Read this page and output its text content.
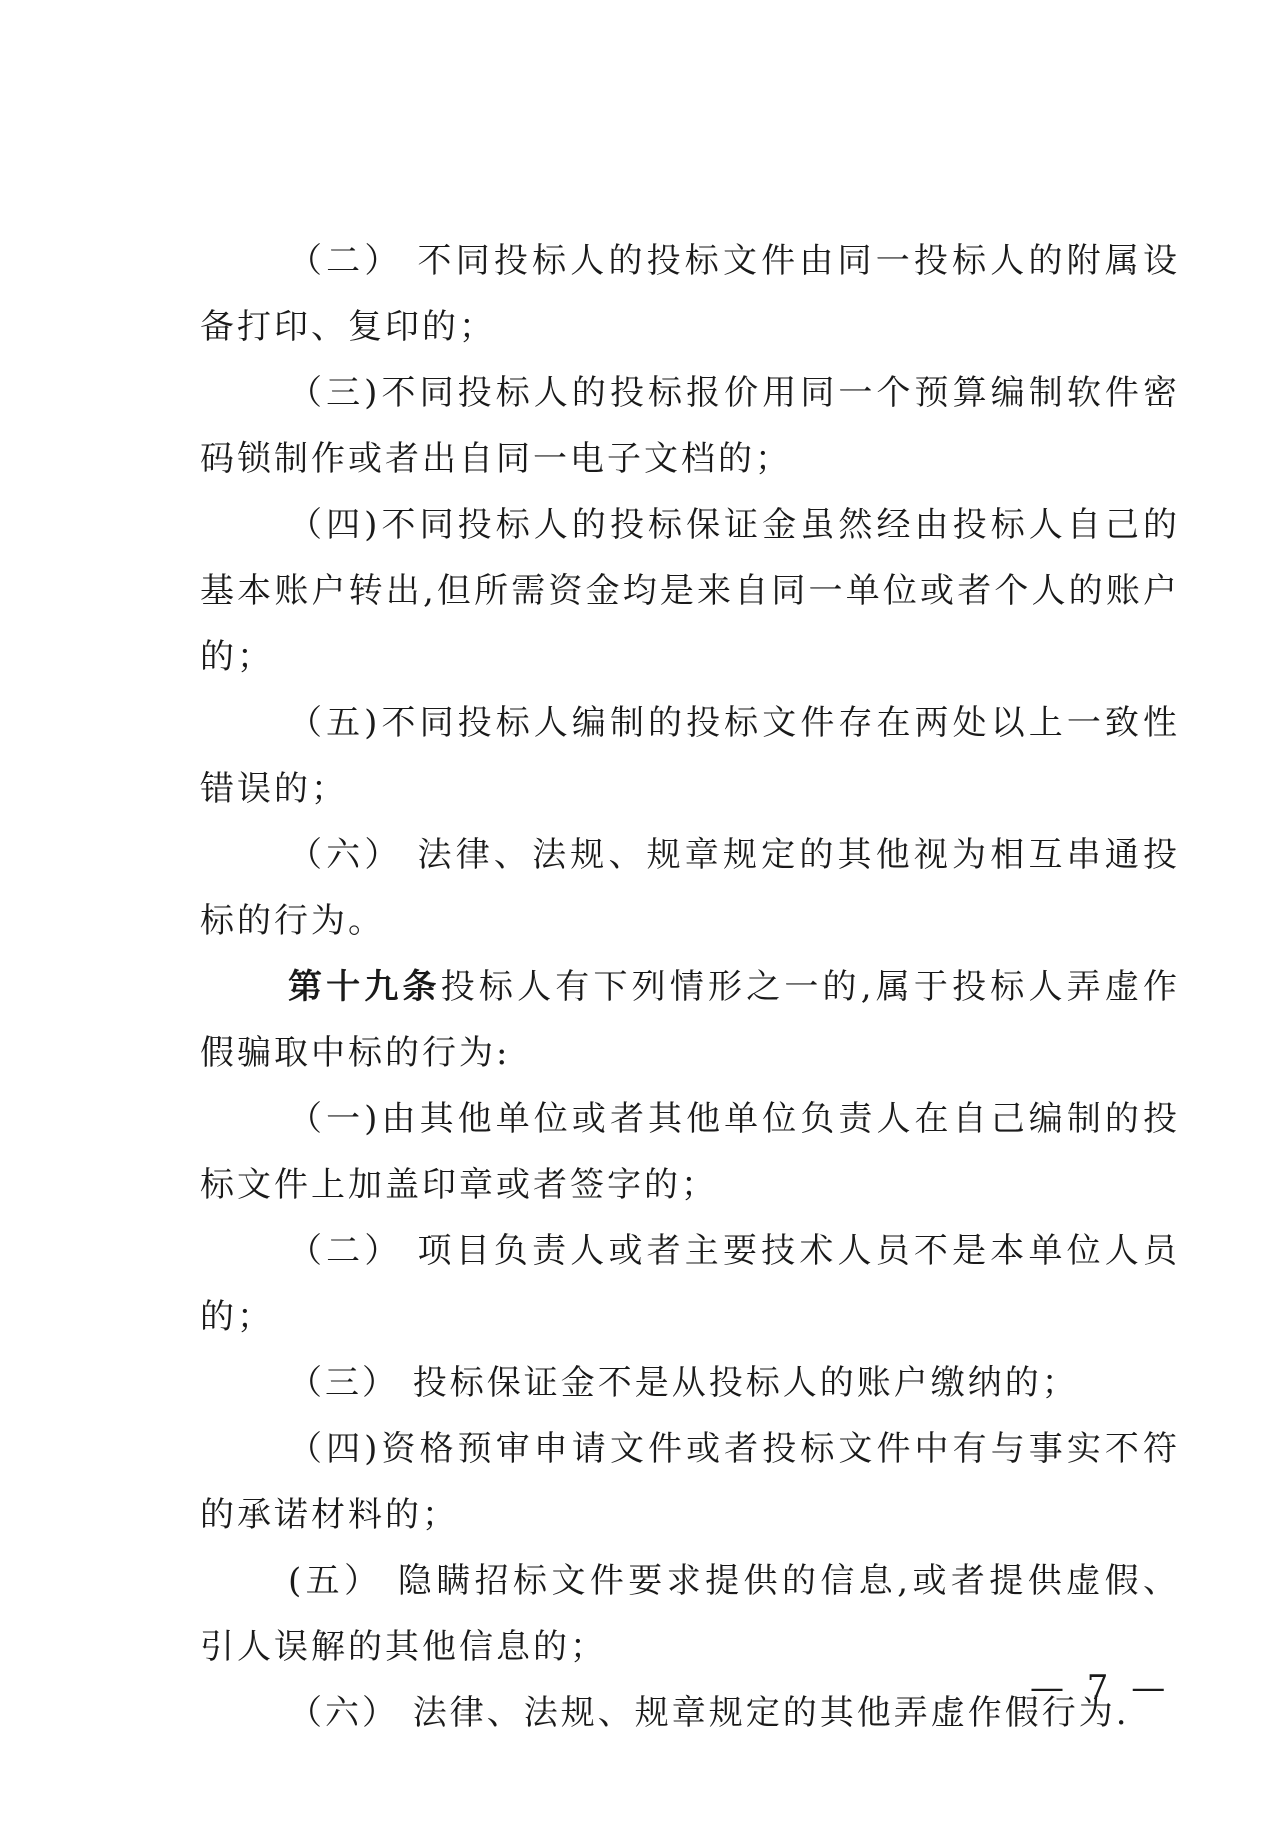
（二） 不同投标人的投标文件由同一投标人的附属设备打印、复印的；

（三)不同投标人的投标报价用同一个预算编制软件密码锁制作或者出自同一电子文档的；

（四)不同投标人的投标保证金虽然经由投标人自己的基本账户转出,但所需资金均是来自同一单位或者个人的账户的；

（五)不同投标人编制的投标文件存在两处以上一致性错误的；

（六） 法律、法规、规章规定的其他视为相互串通投标的行为。

第十九条投标人有下列情形之一的,属于投标人弄虚作假骗取中标的行为:

（一)由其他单位或者其他单位负责人在自己编制的投标文件上加盖印章或者签字的；

（二） 项目负责人或者主要技术人员不是本单位人员的；

（三） 投标保证金不是从投标人的账户缴纳的；

（四)资格预审申请文件或者投标文件中有与事实不符的承诺材料的；

(五） 隐瞒招标文件要求提供的信息,或者提供虚假、引人误解的其他信息的；

（六） 法律、法规、规章规定的其他弄虚作假行为.

— 7 —
